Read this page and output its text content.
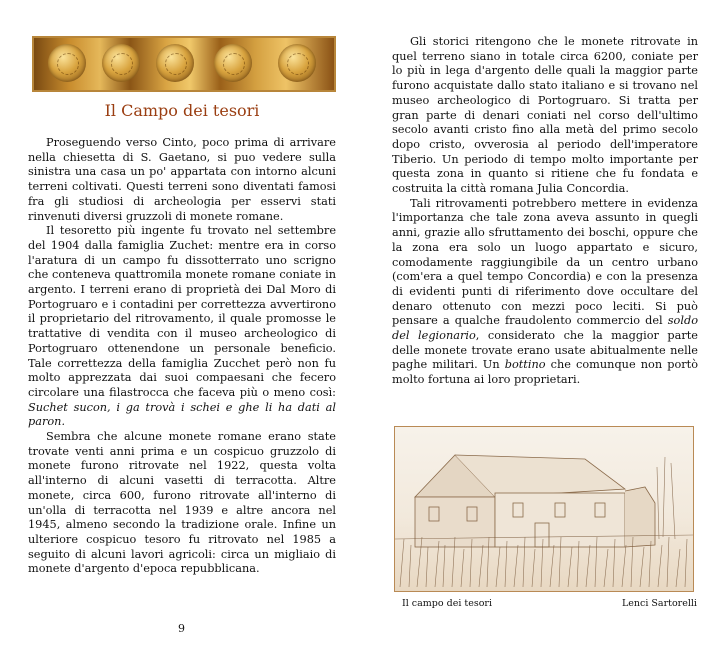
Il Campo dei tesori

Proseguendo verso Cinto, poco prima di arrivare nella chiesetta di S. Gaetano, si puo vedere sulla sinistra una casa un po' appartata con intorno alcuni terreni coltivati. Questi terreni sono diventati famosi fra gli studiosi di archeologia per esservi stati rinvenuti diversi gruzzoli di monete romane.

Il tesoretto più ingente fu trovato nel settembre del 1904 dalla famiglia Zuchet: mentre era in corso l'aratura di un campo fu dissotterrato uno scrigno che conteneva quattromila monete romane coniate in argento. I terreni erano di proprietà dei Dal Moro di Portogruaro e i contadini per correttezza avvertirono il proprietario del ritrovamento, il quale promosse le trattative di vendita con il museo archeologico di Portogruaro ottenendone un personale beneficio. Tale correttezza della famiglia Zucchet però non fu molto apprezzata dai suoi compaesani che fecero circolare una filastrocca che faceva più o meno così: Suchet sucon, i ga trovà i schei e ghe li ha dati al paron.

Sembra che alcune monete romane erano state trovate venti anni prima e un cospicuo gruzzolo di monete furono ritrovate nel 1922, questa volta all'interno di alcuni vasetti di terracotta. Altre monete, circa 600, furono ritrovate all'interno di un'olla di terracotta nel 1939 e altre ancora nel 1945, almeno secondo la tradizione orale. Infine un ulteriore cospicuo tesoro fu ritrovato nel 1985 a seguito di alcuni lavori agricoli: circa un migliaio di monete d'argento d'epoca repubblicana.

9

Gli storici ritengono che le monete ritrovate in quel terreno siano in totale circa 6200, coniate per lo più in lega d'argento delle quali la maggior parte furono acquistate dallo stato italiano e si trovano nel museo archeologico di Portogruaro. Si tratta per gran parte di denari coniati nel corso dell'ultimo secolo avanti cristo fino alla metà del primo secolo dopo cristo, ovverosia al periodo dell'imperatore Tiberio. Un periodo di tempo molto importante per questa zona in quanto si ritiene che fu fondata e costruita la città romana Julia Concordia.

Tali ritrovamenti potrebbero mettere in evidenza l'importanza che tale zona aveva assunto in quegli anni, grazie allo sfruttamento dei boschi, oppure che la zona era solo un luogo appartato e sicuro, comodamente raggiungibile da un centro urbano (com'era a quel tempo Concordia) e con la presenza di evidenti punti di riferimento dove occultare del denaro ottenuto con mezzi poco leciti. Si può pensare a qualche fraudolento commercio del soldo del legionario, considerato che la maggior parte delle monete trovate erano usate abitualmente nelle paghe militari. Un bottino che comunque non portò molto fortuna ai loro proprietari.

Il campo dei tesori	Lenci Sartorelli
